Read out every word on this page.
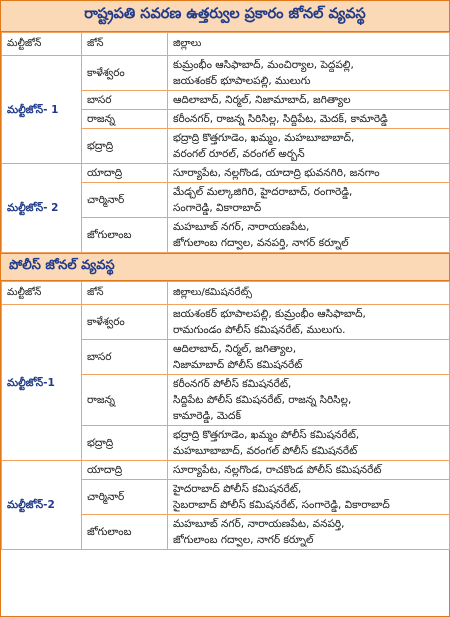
రాష్ట్రపతి సవరణ ఉత్తర్వుల ప్రకారం జోనల్ వ్యవస్థ
మల్టీజోన్	జోన్	జిల్లాలు
మల్టీజోన్- 1	కాళేశ్వరం	కుమ్రంభీం ఆసిఫాబాద్, మంచిర్యాల, పెద్దపల్లి,
జయశంకర్ భూపాలపల్లి, ములుగు

	బాసర	ఆదిలాబాద్, నిర్మల్, నిజామాబాద్, జగిత్యాల

	రాజన్న	కరీంనగర్, రాజన్న సిరిసిల్ల, సిద్దిపేట, మెదక్, కామారెడ్డి

	భద్రాద్రి	భద్రాద్రి కొత్తగూడెం, ఖమ్మం, మహబూబాబాద్,
వరంగల్ రూరల్, వరంగల్ అర్బన్

మల్టీజోన్- 2	యాదాద్రి	సూర్యాపేట, నల్లగొండ, యాదాద్రి భువనగిరి, జనగాం

	చార్మినార్	మేడ్చల్ మల్కాజిగిరి, హైదరాబాద్, రంగారెడ్డి,
సంగారెడ్డి, వికారాబాద్

	జోగులాంబ	మహబూబ్ నగర్, నారాయణపేట,
జోగులాంబ గద్వాల, వనపర్తి, నాగర్ కర్నూల్
పోలీస్ జోనల్ వ్యవస్థ
మల్టీజోన్	జోన్	జిల్లాలు/కమిషనరేట్స్
మల్టీజోన్-1	కాళేశ్వరం	జయశంకర్ భూపాలపల్లి, కుమ్రంభీం ఆసిఫాబాద్,
రామగుండం పోలీస్ కమిషనరేట్, ములుగు.

	బాసర	ఆదిలాబాద్, నిర్మల్, జగిత్యాల,
నిజామాబాద్ పోలీస్ కమిషనరేట్

	రాజన్న	కరీంనగర్ పోలీస్ కమిషనరేట్,
సిద్దిపేట పోలీస్ కమిషనరేట్, రాజన్న సిరిసిల్ల,
కామారెడ్డి, మెదక్

	భద్రాద్రి	భద్రాద్రి కొత్తగూడెం, ఖమ్మం పోలీస్ కమిషనరేట్,
మహబూబాబాద్, వరంగల్ పోలీస్ కమిషనరేట్

మల్టీజోన్-2	యాదాద్రి	సూర్యాపేట, నల్లగొండ, రాచకొండ పోలీస్ కమిషనరేట్

	చార్మినార్	హైదరాబాద్ పోలీస్ కమిషనరేట్,
సైబరాబాద్ పోలీస్ కమిషనరేట్, సంగారెడ్డి, వికారాబాద్

	జోగులాంబ	మహబూబ్ నగర్, నారాయణపేట, వనపర్తి,
జోగులాంబ గద్వాల, నాగర్ కర్నూల్
